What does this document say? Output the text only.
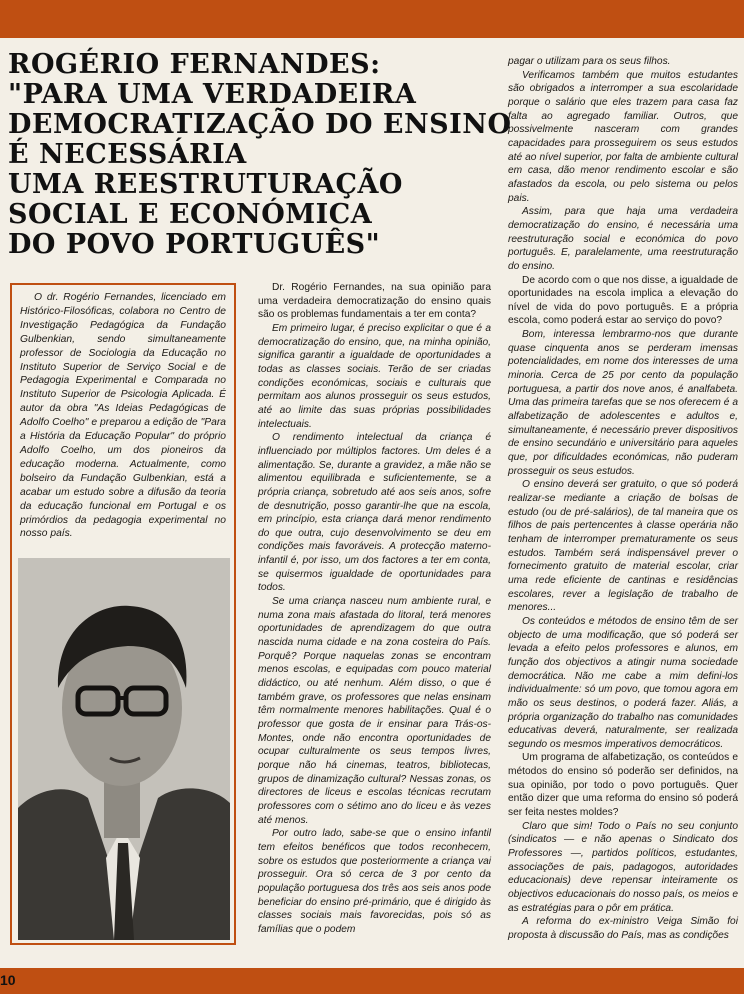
ROGÉRIO FERNANDES:
"PARA UMA VERDADEIRA
DEMOCRATIZAÇÃO DO ENSINO
É NECESSÁRIA
UMA REESTRUTURAÇÃO
SOCIAL E ECONÓMICA
DO POVO PORTUGUÊS"

O dr. Rogério Fernandes, licenciado em Histórico-Filosóficas, colabora no Centro de Investigação Pedagógica da Fundação Gulbenkian, sendo simultaneamente professor de Sociologia da Educação no Instituto Superior de Serviço Social e de Pedagogia Experimental e Comparada no Instituto Superior de Psicologia Aplicada. É autor da obra "As Ideias Pedagógicas de Adolfo Coelho" e preparou a edição de "Para a História da Educação Popular" do próprio Adolfo Coelho, um dos pioneiros da educação moderna. Actualmente, como bolseiro da Fundação Gulbenkian, está a acabar um estudo sobre a difusão da teoria da educação funcional em Portugal e os primórdios da pedagogia experimental no nosso país.

Dr. Rogério Fernandes, na sua opinião para uma verdadeira democratização do ensino quais são os problemas fundamentais a ter em conta?

Em primeiro lugar, é preciso explicitar o que é a democratização do ensino, que, na minha opinião, significa garantir a igualdade de oportunidades a todas as classes sociais. Terão de ser criadas condições económicas, sociais e culturais que permitam aos alunos prosseguir os seus estudos, até ao limite das suas próprias possibilidades intelectuais.

O rendimento intelectual da criança é influenciado por múltiplos factores. Um deles é a alimentação. Se, durante a gravidez, a mãe não se alimentou equilibrada e suficientemente, se a própria criança, sobretudo até aos seis anos, sofre de desnutrição, posso garantir-lhe que na escola, em princípio, esta criança dará menor rendimento do que outra, cujo desenvolvimento se deu em condições mais favoráveis. A protecção materno-infantil é, por isso, um dos factores a ter em conta, se quisermos igualdade de oportunidades para todos.

Se uma criança nasceu num ambiente rural, e numa zona mais afastada do litoral, terá menores oportunidades de aprendizagem do que outra nascida numa cidade e na zona costeira do País. Porquê? Porque naquelas zonas se encontram menos escolas, e equipadas com pouco material didáctico, ou até nenhum. Além disso, o que é também grave, os professores que nelas ensinam têm normalmente menores habilitações. Qual é o professor que gosta de ir ensinar para Trás-os-Montes, onde não encontra oportunidades de ocupar culturalmente os seus tempos livres, porque não há cinemas, teatros, bibliotecas, grupos de dinamização cultural? Nessas zonas, os directores de liceus e escolas técnicas recrutam professores com o sétimo ano do liceu e às vezes até menos.

Por outro lado, sabe-se que o ensino infantil tem efeitos benéficos que todos reconhecem, sobre os estudos que posteriormente a criança vai prosseguir. Ora só cerca de 3 por cento da população portuguesa dos três aos seis anos pode beneficiar do ensino pré-primário, que é dirigido às classes sociais mais favorecidas, pois só as famílias que o podem

pagar o utilizam para os seus filhos.

Verificamos também que muitos estudantes são obrigados a interromper a sua escolaridade porque o salário que eles trazem para casa faz falta ao agregado familiar. Outros, que possivelmente nasceram com grandes capacidades para prosseguirem os seus estudos até ao nível superior, por falta de ambiente cultural em casa, dão menor rendimento escolar e são afastados da escola, ou pelo sistema ou pelos pais.

Assim, para que haja uma verdadeira democratização do ensino, é necessária uma reestruturação social e económica do povo português. E, paralelamente, uma reestruturação do ensino.

De acordo com o que nos disse, a igualdade de oportunidades na escola implica a elevação do nível de vida do povo português. E a própria escola, como poderá estar ao serviço do povo?

Bom, interessa lembrarmo-nos que durante quase cinquenta anos se perderam imensas potencialidades, em nome dos interesses de uma minoria. Cerca de 25 por cento da população portuguesa, a partir dos nove anos, é analfabeta. Uma das primeira tarefas que se nos oferecem é a alfabetização de adolescentes e adultos e, simultaneamente, é necessário prever dispositivos de ensino secundário e universitário para aqueles que, por dificuldades económicas, não puderam prosseguir os seus estudos.

O ensino deverá ser gratuito, o que só poderá realizar-se mediante a criação de bolsas de estudo (ou de pré-salários), de tal maneira que os filhos de pais pertencentes à classe operária não tenham de interromper prematuramente os seus estudos. Também será indispensável prever o fornecimento gratuito de material escolar, criar uma rede eficiente de cantinas e residências escolares, rever a legislação de trabalho de menores...

Os conteúdos e métodos de ensino têm de ser objecto de uma modificação, que só poderá ser levada a efeito pelos professores e alunos, em função dos objectivos a atingir numa sociedade democrática. Não me cabe a mim defini-los individualmente: só um povo, que tomou agora em mão os seus destinos, o poderá fazer. Aliás, a própria organização do trabalho nas comunidades educativas deverá, naturalmente, ser realizada segundo os mesmos imperativos democráticos.

Um programa de alfabetização, os conteúdos e métodos do ensino só poderão ser definidos, na sua opinião, por todo o povo português. Quer então dizer que uma reforma do ensino só poderá ser feita nestes moldes?

Claro que sim! Todo o País no seu conjunto (sindicatos — e não apenas o Sindicato dos Professores —, partidos políticos, estudantes, associações de pais, padagogos, autoridades educacionais) deve repensar inteiramente os objectivos educacionais do nosso país, os meios e as estratégias para o pôr em prática.

A reforma do ex-ministro Veiga Simão foi proposta à discussão do País, mas as condições

10
